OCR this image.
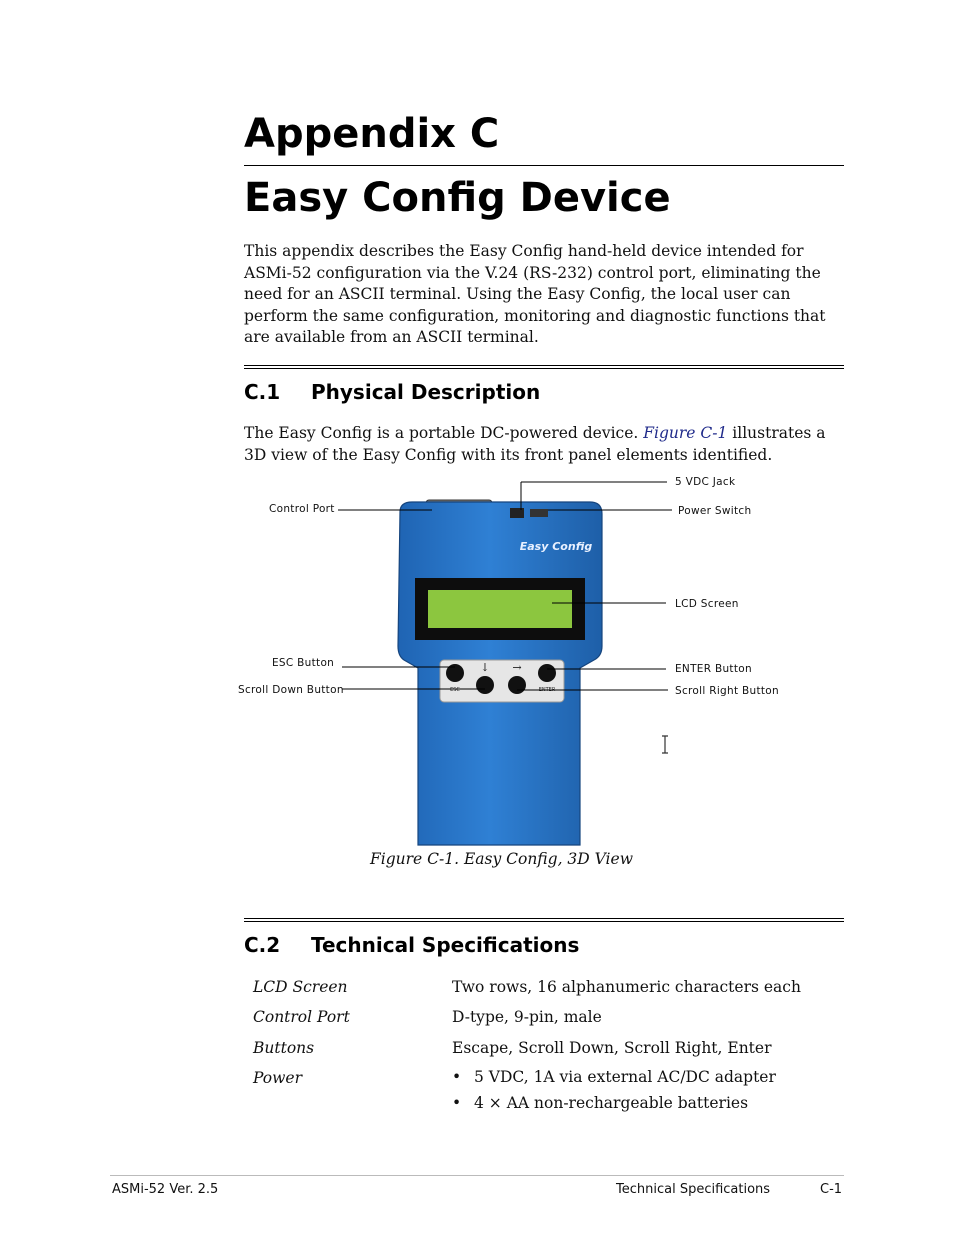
Appendix C
Easy Config Device

This appendix describes the Easy Config hand-held device intended for ASMi-52 configuration via the V.24 (RS-232) control port, eliminating the need for an ASCII terminal. Using the Easy Config, the local user can perform the same configuration, monitoring and diagnostic functions that are available from an ASCII terminal.

C.1 Physical Description

The Easy Config is a portable DC-powered device. Figure C-1 illustrates a 3D view of the Easy Config with its front panel elements identified.

Easy Config
↓ →
ESC	ENTER
Control Port
ESC Button
Scroll Down Button
5 VDC Jack
Power Switch
LCD Screen
ENTER Button
Scroll Right Button

Figure C-1. Easy Config, 3D View

C.2 Technical Specifications
LCD Screen	Two rows, 16 alphanumeric characters each
Control Port	D-type, 9-pin, male
Buttons	Escape, Scroll Down, Scroll Right, Enter
Power
•	5 VDC, 1A via external AC/DC adapter
• 4 × AA non-rechargeable batteries
ASMi-52 Ver. 2.5	Technical Specifications	C-1
